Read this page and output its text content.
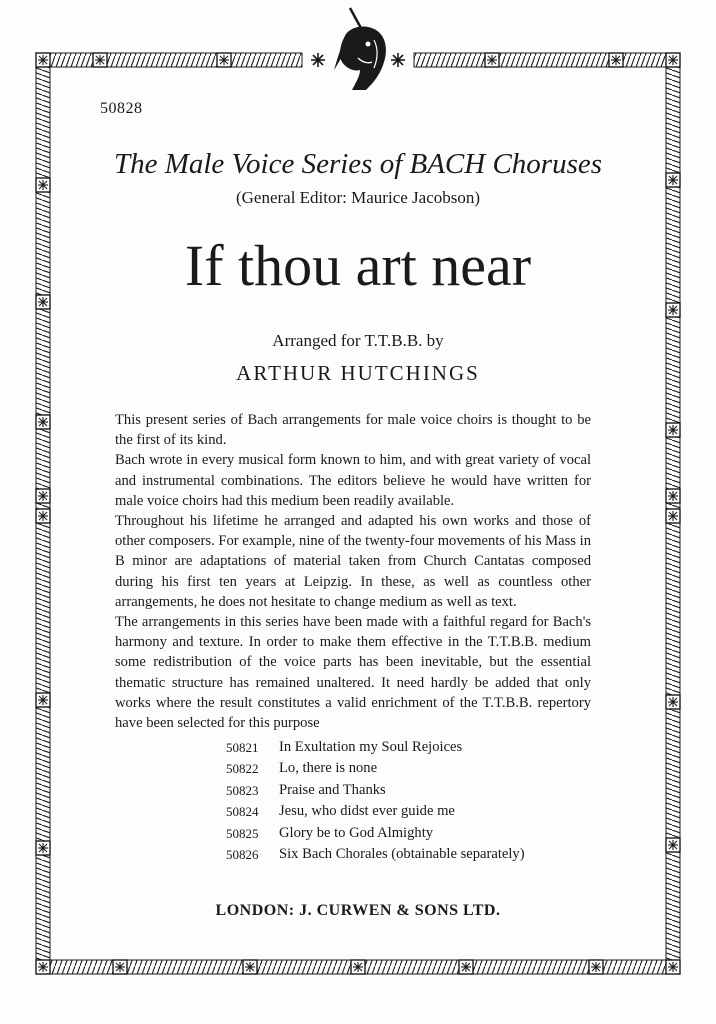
50828
The Male Voice Series of BACH Choruses
(General Editor: Maurice Jacobson)
If thou art near
Arranged for T.T.B.B. by
ARTHUR HUTCHINGS

This present series of Bach arrangements for male voice choirs is thought to be the first of its kind.

Bach wrote in every musical form known to him, and with great variety of vocal and instrumental combinations. The editors believe he would have written for male voice choirs had this medium been readily available.

Throughout his lifetime he arranged and adapted his own works and those of other composers. For example, nine of the twenty-four movements of his Mass in B minor are adaptations of material taken from Church Cantatas composed during his first ten years at Leipzig. In these, as well as countless other arrangements, he does not hesitate to change medium as well as text.

The arrangements in this series have been made with a faithful regard for Bach's harmony and texture. In order to make them effective in the T.T.B.B. medium some redistribution of the voice parts has been inevitable, but the essential thematic structure has remained unaltered. It need hardly be added that only works where the result constitutes a valid enrichment of the T.T.B.B. repertory have been selected for this purpose

50821	In Exultation my Soul Rejoices
50822	Lo, there is none
50823	Praise and Thanks
50824	Jesu, who didst ever guide me
50825	Glory be to God Almighty
50826	Six Bach Chorales (obtainable separately)
LONDON: J. CURWEN & SONS LTD.
